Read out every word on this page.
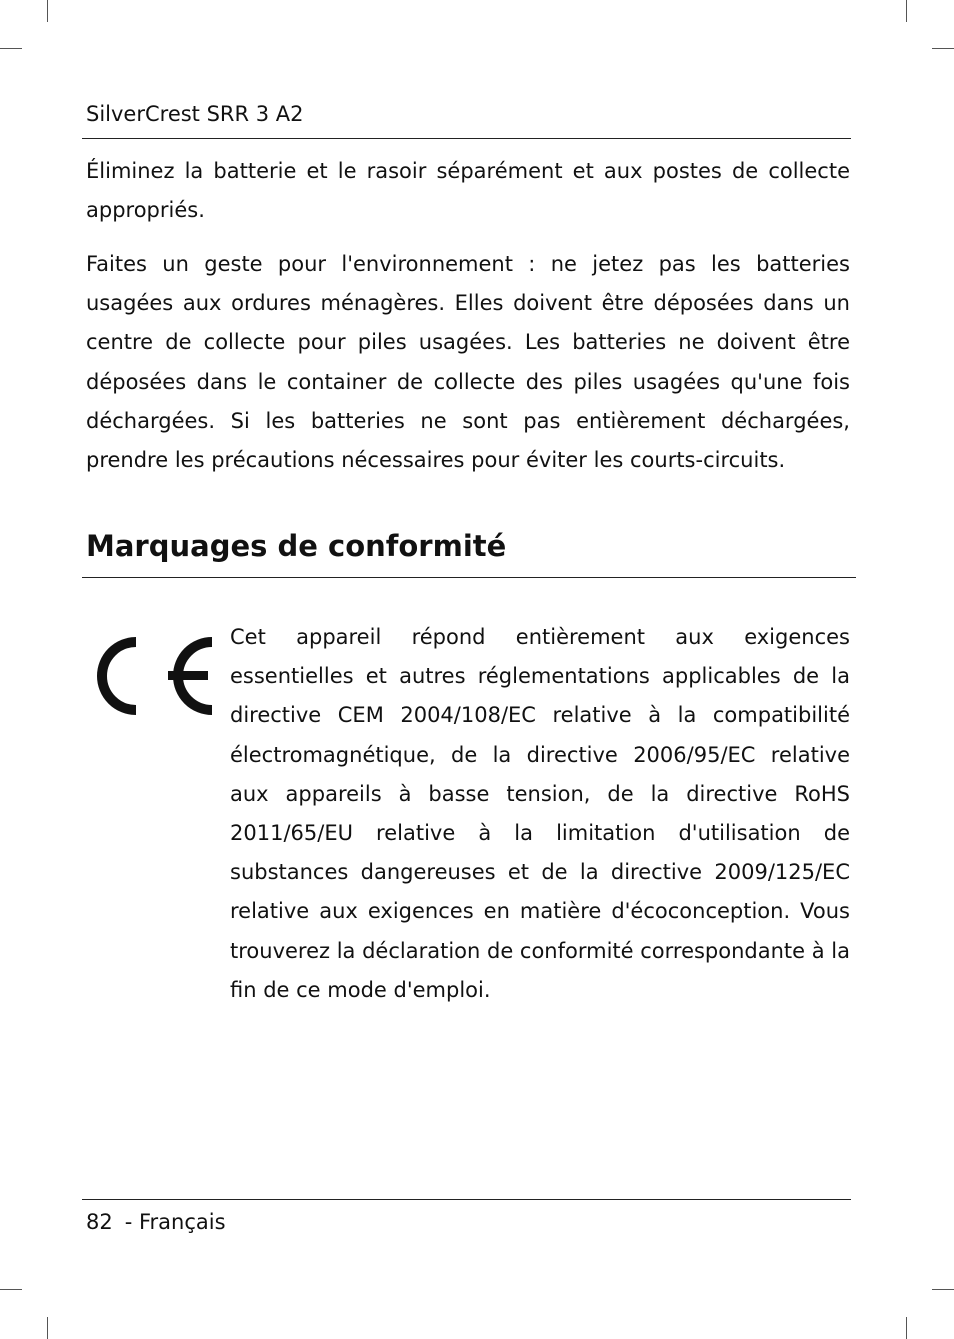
SilverCrest SRR 3 A2

Éliminez la batterie et le rasoir séparément et aux postes de collecte appropriés.

Faites un geste pour l'environnement : ne jetez pas les batteries usagées aux ordures ménagères. Elles doivent être déposées dans un centre de collecte pour piles usagées. Les batteries ne doivent être déposées dans le container de collecte des piles usagées qu'une fois déchargées. Si les batteries ne sont pas entièrement déchargées, prendre les précautions nécessaires pour éviter les courts-circuits.

Marquages de conformité

Cet appareil répond entièrement aux exigences essentielles et autres réglementations applicables de la directive CEM 2004/108/EC relative à la compatibilité électromagnétique, de la directive 2006/95/EC relative aux appareils à basse tension, de la directive RoHS 2011/65/EU relative à la limitation d'utilisation de substances dangereuses et de la directive 2009/125/EC relative aux exigences en matière d'écoconception. Vous trouverez la déclaration de conformité correspondante à la fin de ce mode d'emploi.

82 - Français
